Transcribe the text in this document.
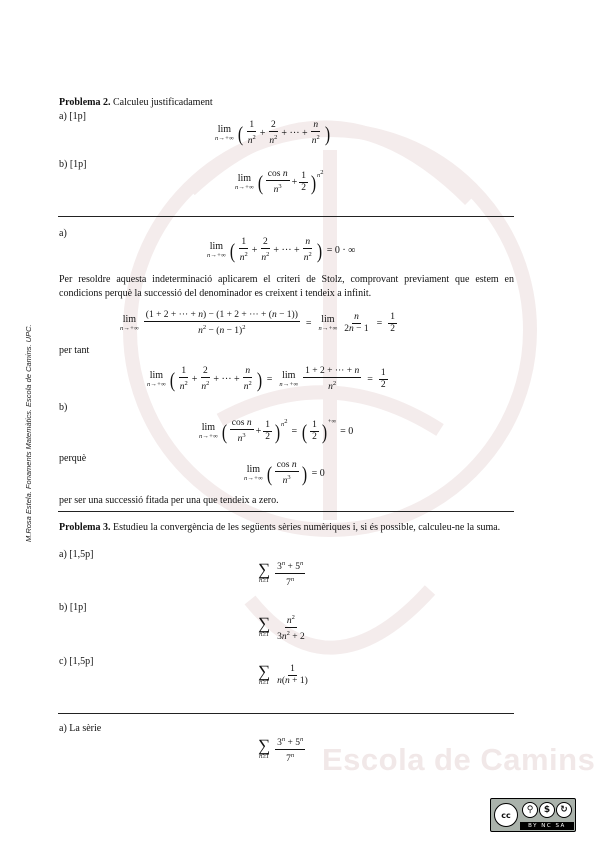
Escola de Camins
M.Rosa Estela. Fonaments Matemàtics. Escola de Camins. UPC.
Problema 2. Calculeu justificadament
a) [1p]
lim
n→+∞ ( 1
$n^2$ +
2
$n^2$ + ··· +
n
$n^2$ )
b) [1p]
lim
n→+∞ ( cos n
$n^3$ +
1
2 ) $^{n^2}$
a)
lim
n→+∞ ( 1
$n^2$ +
2
$n^2$ + ··· +
n
$n^2$ ) = 0 · ∞
Per resoldre aquesta indeterminació aplicarem el criteri de Stolz, comprovant previament que estem en condicions perquè la successió del denominador es creixent i tendeix a infinit.
lim
$n\to+\infty \frac{(1 + 2 + \cdot\cdot\cdot + n) - (1 + 2 + \cdot\cdot\cdot + (n - 1))}{n^2 - (n - 1)^2} = \lim$
$n\to+\infty \frac{n}{2n - 1} = \frac{1}{2}$
per tant
lim
n→+∞ ( 1
$n^2$ +
2
$n^2$ + ··· +
n
$n^2$ ) = lim
$n\to+\infty \frac{1 + 2 + \cdot\cdot\cdot + n}{n^2} = \frac{1}{2}$
b)
lim
n→+∞ ( cos n
$n^3$ +
1
2 ) $^{n^2}$
= ( 1
2 )+∞
= 0
perquè
lim
n→+∞ ( cos n
$n^3$ ) = 0
per ser una successió fitada per una que tendeix a zero.
Problema 3. Estudieu la convergència de les següents sèries numèriques i, si és possible, calculeu-ne la suma.
a) [1,5p]
∑
n≥1
$3^n + 5^n$
7$^n$
b) [1p]
∑
n≥1
$n^2$
$3n^2 + 2$
c) [1,5p]
∑
n≥1
1
n(n + 1)
a) La sèrie
∑
n≥1
$3^n + 5^n$
7$^n$
cc	⚲	$	↻
BY NC SA
